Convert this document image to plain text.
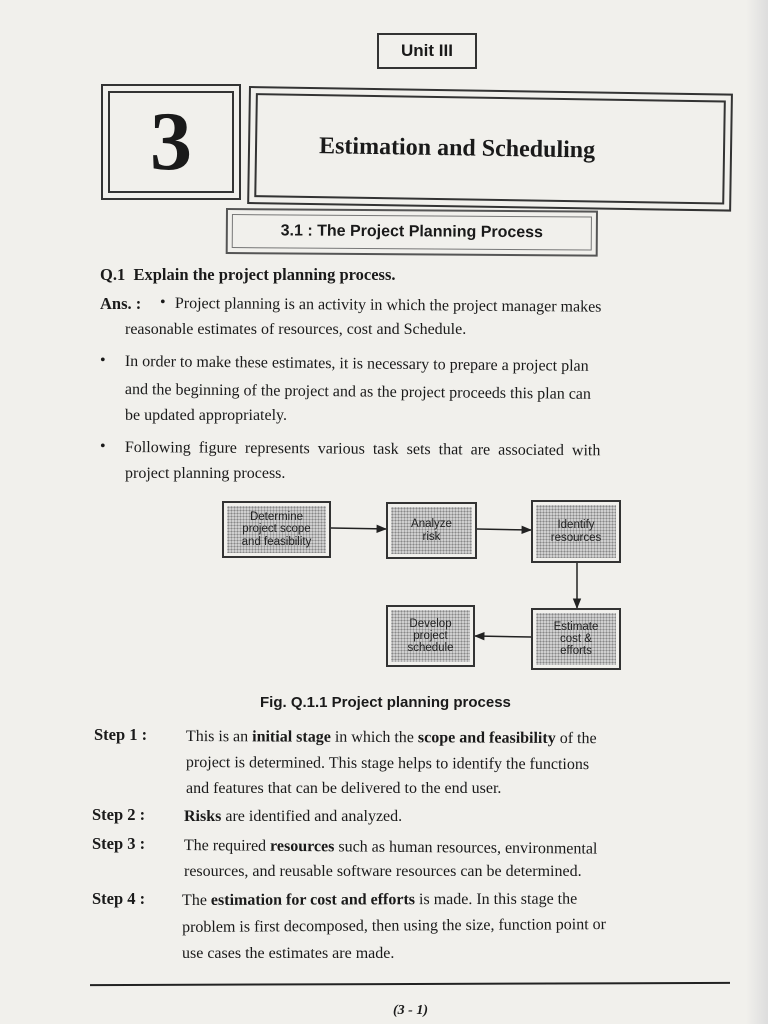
Unit III
3	Estimation and Scheduling
3.1 : The Project Planning Process
Q.1 Explain the project planning process.
Ans. : • Project planning is an activity in which the project manager makes
reasonable estimates of resources, cost and Schedule.
• In order to make these estimates, it is necessary to prepare a project plan
and the beginning of the project and as the project proceeds this plan can
be updated appropriately.
• Following figure represents various task sets that are associated with
project planning process.
Determine
project scope
and feasibility
Analyze
risk
Identify
resources
Estimate
cost &
efforts
Develop
project
schedule
Fig. Q.1.1 Project planning process
Step 1 : This is an initial stage in which the scope and feasibility of the
project is determined. This stage helps to identify the functions
and features that can be delivered to the end user.
Step 2 : Risks are identified and analyzed.
Step 3 : The required resources such as human resources, environmental
resources, and reusable software resources can be determined.
Step 4 : The estimation for cost and efforts is made. In this stage the
problem is first decomposed, then using the size, function point or
use cases the estimates are made.
(3 - 1)
